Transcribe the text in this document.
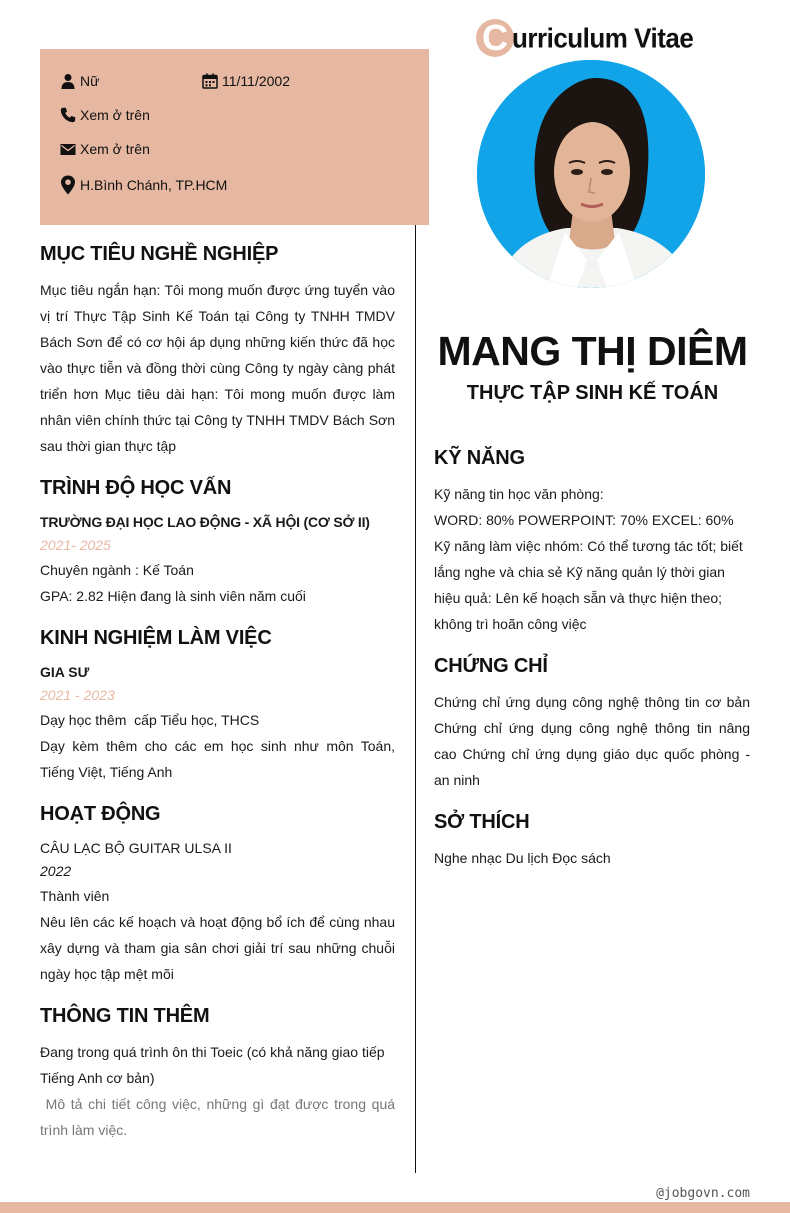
C urriculum Vitae
Nữ	11/11/2002
Xem ở trên
Xem ở trên
H.Bình Chánh, TP.HCM
MANG THỊ DIÊM
THỰC TẬP SINH KẾ TOÁN
MỤC TIÊU NGHỀ NGHIỆP
Mục tiêu ngắn hạn: Tôi mong muốn được ứng tuyển vào vị trí Thực Tập Sinh Kế Toán tại Công ty TNHH TMDV Bách Sơn để có cơ hội áp dụng những kiến thức đã học vào thực tiễn và đồng thời cùng Công ty ngày càng phát triển hơn Mục tiêu dài hạn: Tôi mong muốn được làm nhân viên chính thức tại Công ty TNHH TMDV Bách Sơn sau thời gian thực tập
TRÌNH ĐỘ HỌC VẤN
TRƯỜNG ĐẠI HỌC LAO ĐỘNG - XÃ HỘI (CƠ SỞ II)
2021- 2025
Chuyên ngành : Kế Toán
GPA: 2.82 Hiện đang là sinh viên năm cuối
KINH NGHIỆM LÀM VIỆC
GIA SƯ
2021 - 2023
Dạy học thêm  cấp Tiểu học, THCS
Dạy kèm thêm cho các em học sinh như môn Toán, Tiếng Việt, Tiếng Anh
HOẠT ĐỘNG
CÂU LẠC BỘ GUITAR ULSA II
2022
Thành viên
Nêu lên các kế hoạch và hoạt động bổ ích để cùng nhau xây dựng và tham gia sân chơi giải trí sau những chuỗi ngày học tập mệt mõi
THÔNG TIN THÊM
Đang trong quá trình ôn thi Toeic (có khả năng giao tiếp Tiếng Anh cơ bản)
Mô tả chi tiết công việc, những gì đạt được trong quá trình làm việc.
KỸ NĂNG
Kỹ năng tin học văn phòng:
WORD: 80% POWERPOINT: 70% EXCEL: 60%
Kỹ năng làm việc nhóm: Có thể tương tác tốt; biết lắng nghe và chia sẻ Kỹ năng quản lý thời gian hiệu quả: Lên kế hoạch sẵn và thực hiện theo; không trì hoãn công việc
CHỨNG CHỈ
Chứng chỉ ứng dụng công nghệ thông tin cơ bản Chứng chỉ ứng dụng công nghệ thông tin nâng cao Chứng chỉ ứng dụng giáo dục quốc phòng - an ninh
SỞ THÍCH
Nghe nhạc Du lịch Đọc sách
@jobgovn.com
